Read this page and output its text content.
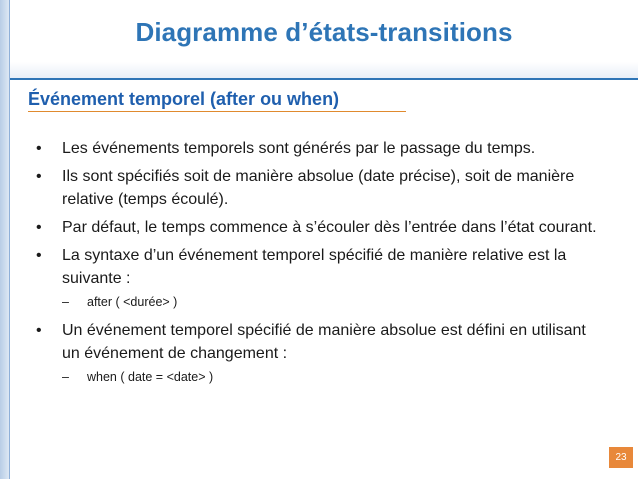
Diagramme d’états-transitions
Événement temporel (after ou when)
• Les événements temporels sont générés par le passage du temps.
• Ils sont spécifiés soit de manière absolue (date précise), soit de manière relative (temps écoulé).
• Par défaut, le temps commence à s’écouler dès l’entrée dans l’état courant.
• La syntaxe d’un événement temporel spécifié de manière relative est la suivante :
– after ( <durée> )
• Un événement temporel spécifié de manière absolue est défini en utilisant un événement de changement :
– when ( date = <date> )
23
